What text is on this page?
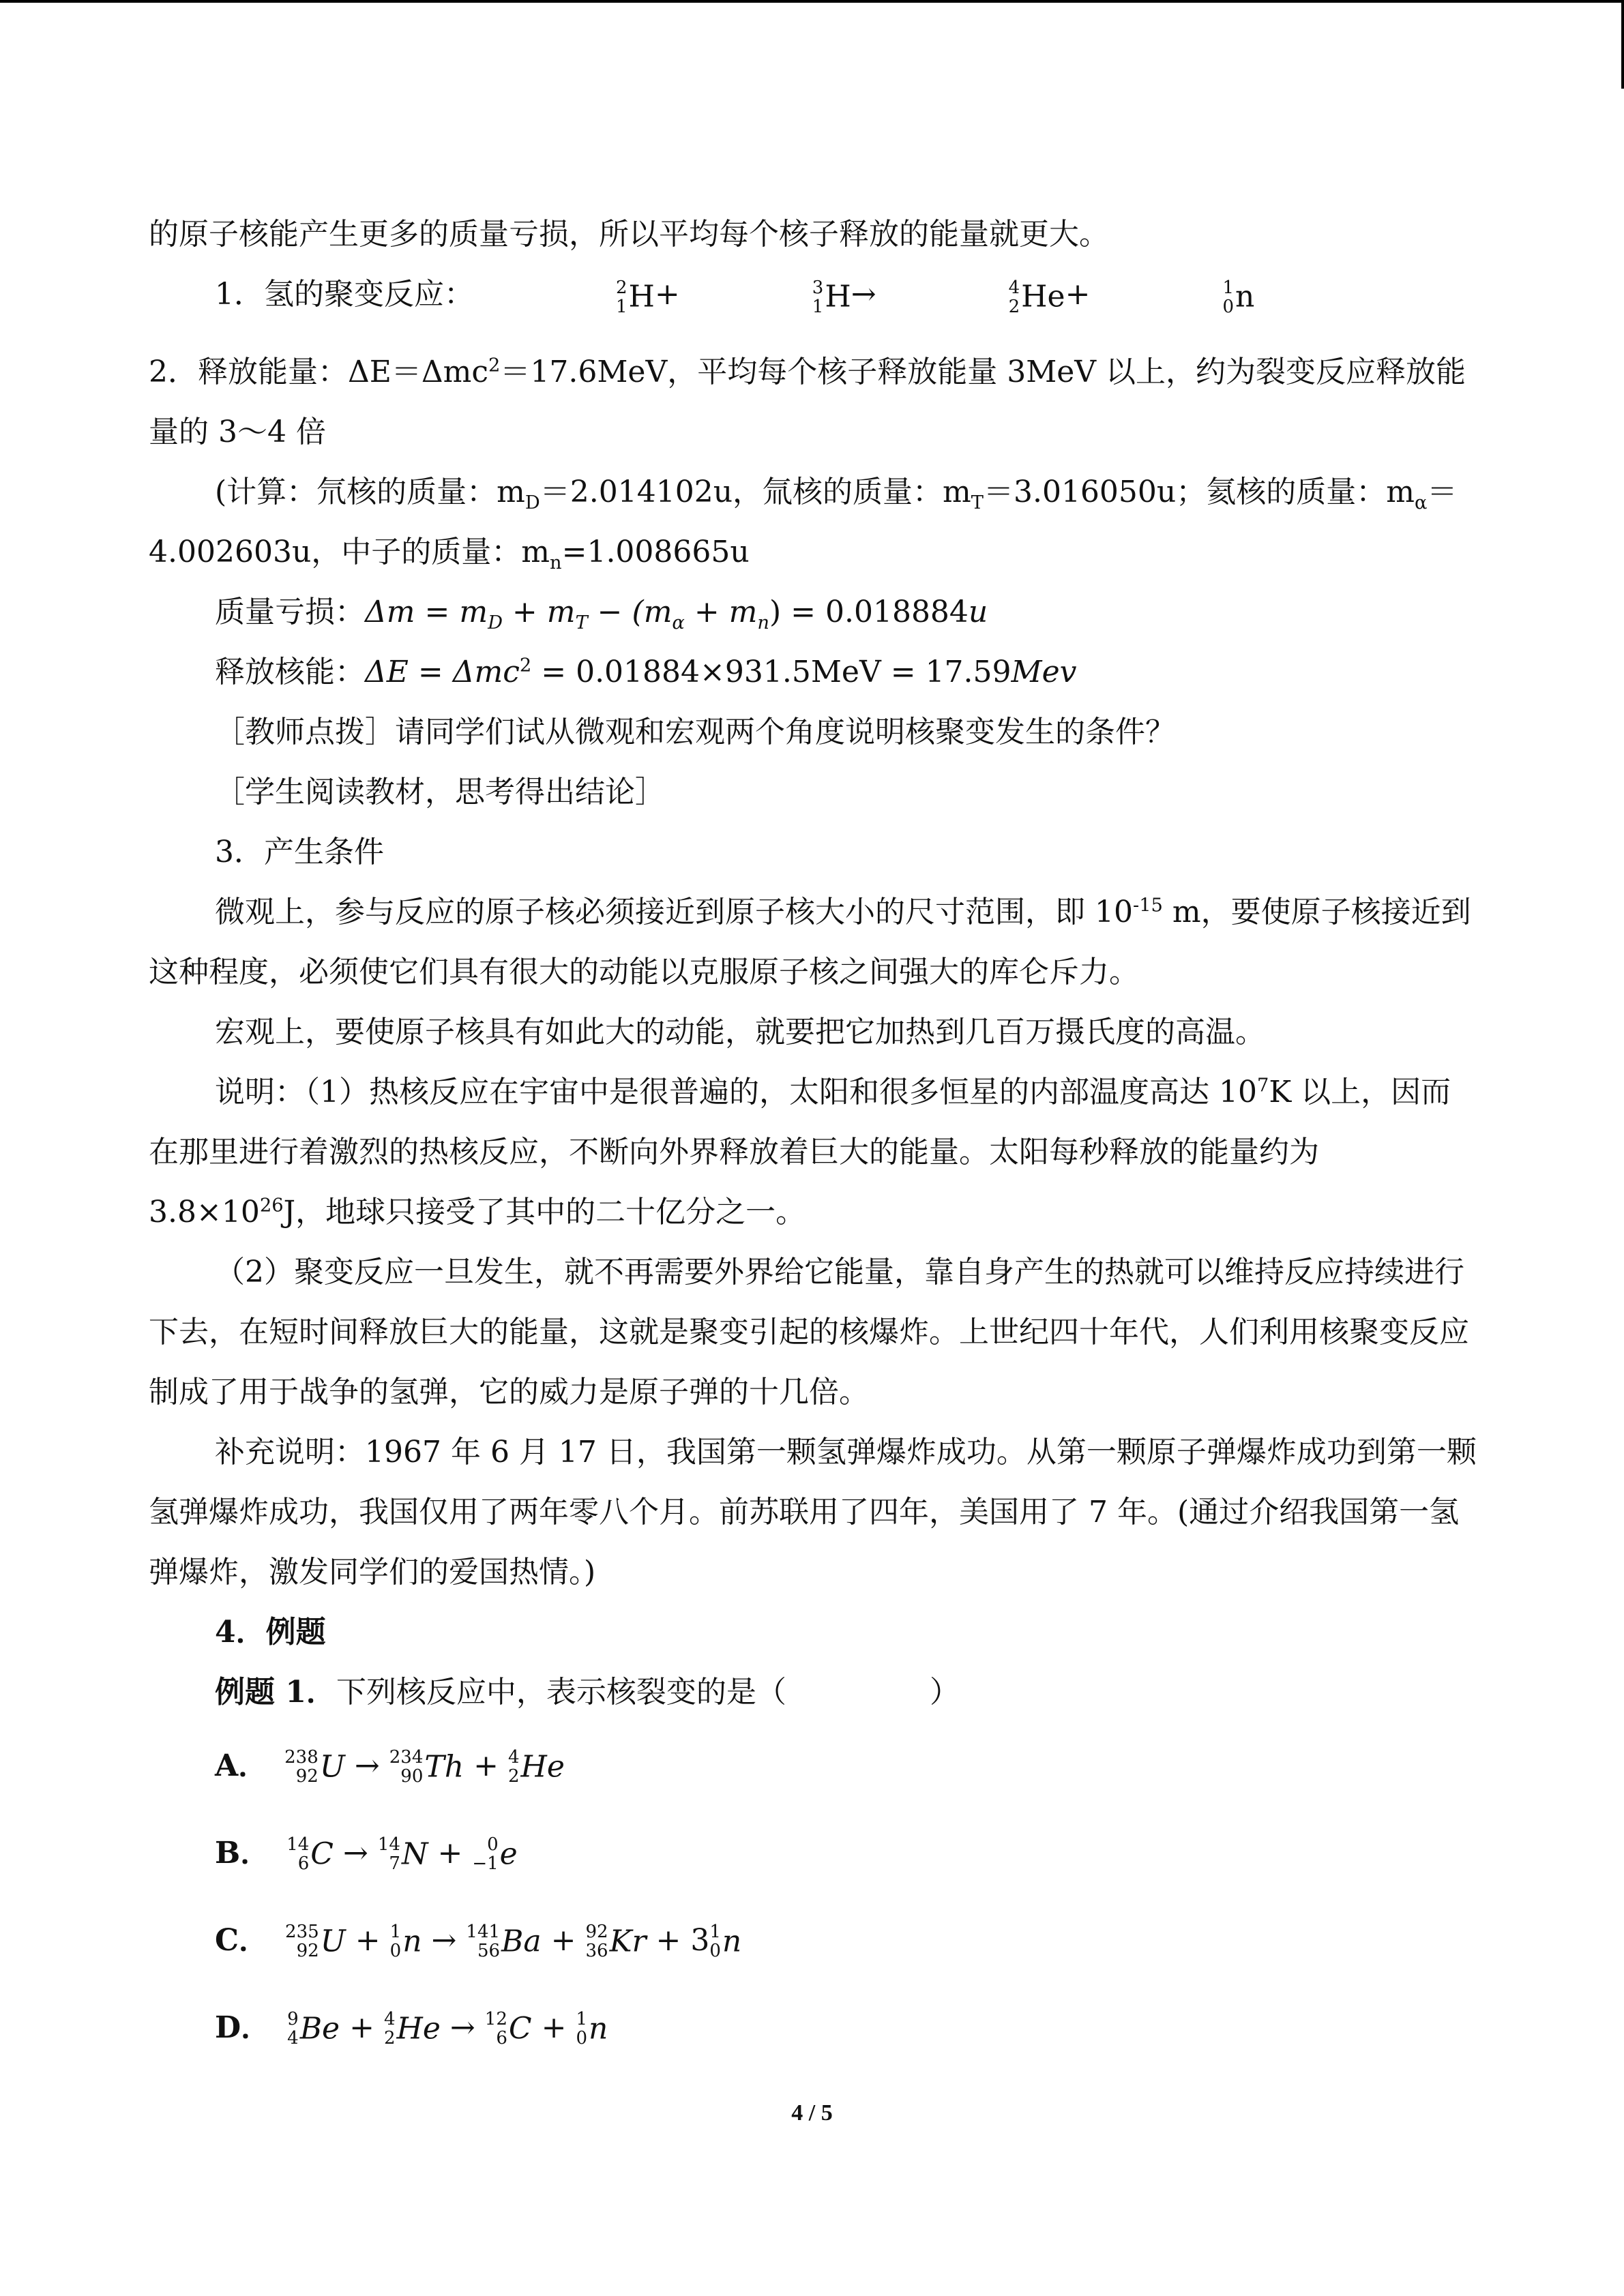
的原子核能产生更多的质量亏损，所以平均每个核子释放的能量就更大。

1．氢的聚变反应：	2
1 H+	3
1 H→	4
2 He+	1
0 n

2．释放能量：ΔE＝Δmc$^2$＝17.6MeV，平均每个核子释放能量 3MeV 以上，约为裂变反应释放能量的 3～4 倍

(计算：氘核的质量：$m_D=2.014102u$，氚核的质量：$m_T=3.016050u$；氦核的质量：$m_\alpha=4.002603u$，中子的质量：$m_n=1.008665u$

质量亏损：$\Delta m = m_D + m_T - (m_\alpha + m_n) = 0.018884u$

释放核能：ΔE = Δmc$^2$ = 0.01884×931.5MeV = 17.59Mev

［教师点拨］请同学们试从微观和宏观两个角度说明核聚变发生的条件？

［学生阅读教材，思考得出结论］

3．产生条件

微观上，参与反应的原子核必须接近到原子核大小的尺寸范围，即 $10^{-15}$ m，要使原子核接近到这种程度，必须使它们具有很大的动能以克服原子核之间强大的库仑斥力。

宏观上，要使原子核具有如此大的动能，就要把它加热到几百万摄氏度的高温。

说明：（1）热核反应在宇宙中是很普遍的，太阳和很多恒星的内部温度高达 $10^7K$ 以上，因而在那里进行着激烈的热核反应，不断向外界释放着巨大的能量。太阳每秒释放的能量约为 $3.8\times 10^{26}J$，地球只接受了其中的二十亿分之一。

（2）聚变反应一旦发生，就不再需要外界给它能量，靠自身产生的热就可以维持反应持续进行下去，在短时间释放巨大的能量，这就是聚变引起的核爆炸。上世纪四十年代，人们利用核聚变反应制成了用于战争的氢弹，它的威力是原子弹的十几倍。

补充说明：1967 年 6 月 17 日，我国第一颗氢弹爆炸成功。从第一颗原子弹爆炸成功到第一颗氢弹爆炸成功，我国仅用了两年零八个月。前苏联用了四年，美国用了 7 年。(通过介绍我国第一氢弹爆炸，激发同学们的爱国热情。)

4．例题

例题 1．下列核反应中，表示核裂变的是（	）

A． 238
92 U
→
234
90 Th
+
4
2 He
B． 14
6 C
→
14
7 N
+
0
−1 e
C． 235
92 U
+
1
0 n
→
141
56 Ba
+
92
36 Kr
+
3 1
0 n
D． 9
4 Be
+
4
2 He
→
12
6 C
+
1
0 n
4 / 5
